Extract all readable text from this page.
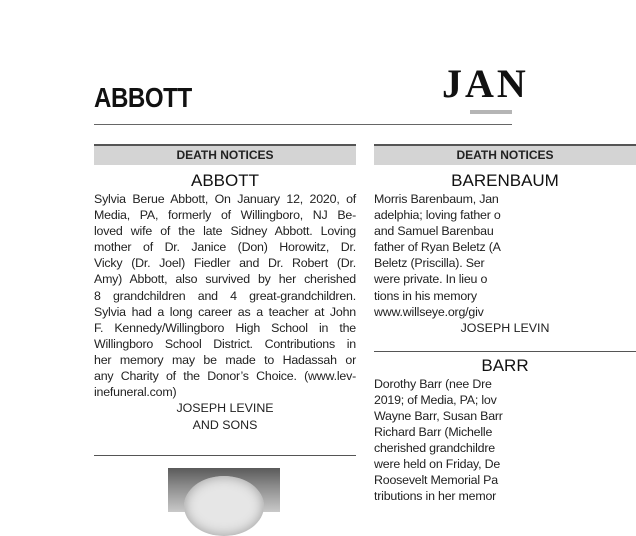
ABBOTT	JAN
DEATH NOTICES
ABBOTT
Sylvia Berue Abbott, On January 12, 2020, of
Media, PA, formerly of Willingboro, NJ Be-
loved wife of the late Sidney Abbott. Loving
mother of Dr. Janice (Don) Horowitz, Dr.
Vicky (Dr. Joel) Fiedler and Dr. Robert (Dr.
Amy) Abbott, also survived by her cherished
8 grandchildren and 4 great-grandchildren.
Sylvia had a long career as a teacher at John
F. Kennedy/Willingboro High School in the
Willingboro School District. Contributions in
her memory may be made to Hadassah or
any Charity of the Donor’s Choice. (www.lev-
inefuneral.com)
JOSEPH LEVINE
AND SONS
DEATH NOTICES
BARENBAUM
Morris Barenbaum, Jan
adelphia; loving father o
and Samuel Barenbau
father of Ryan Beletz (A
Beletz (Priscilla). Ser
were private. In lieu o
tions in his memory
www.willseye.org/giv
JOSEPH LEVIN
BARR
Dorothy Barr (nee Dre
2019; of Media, PA; lov
Wayne Barr, Susan Barr
Richard Barr (Michelle
cherished grandchildre
were held on Friday, De
Roosevelt Memorial Pa
tributions in her memor
